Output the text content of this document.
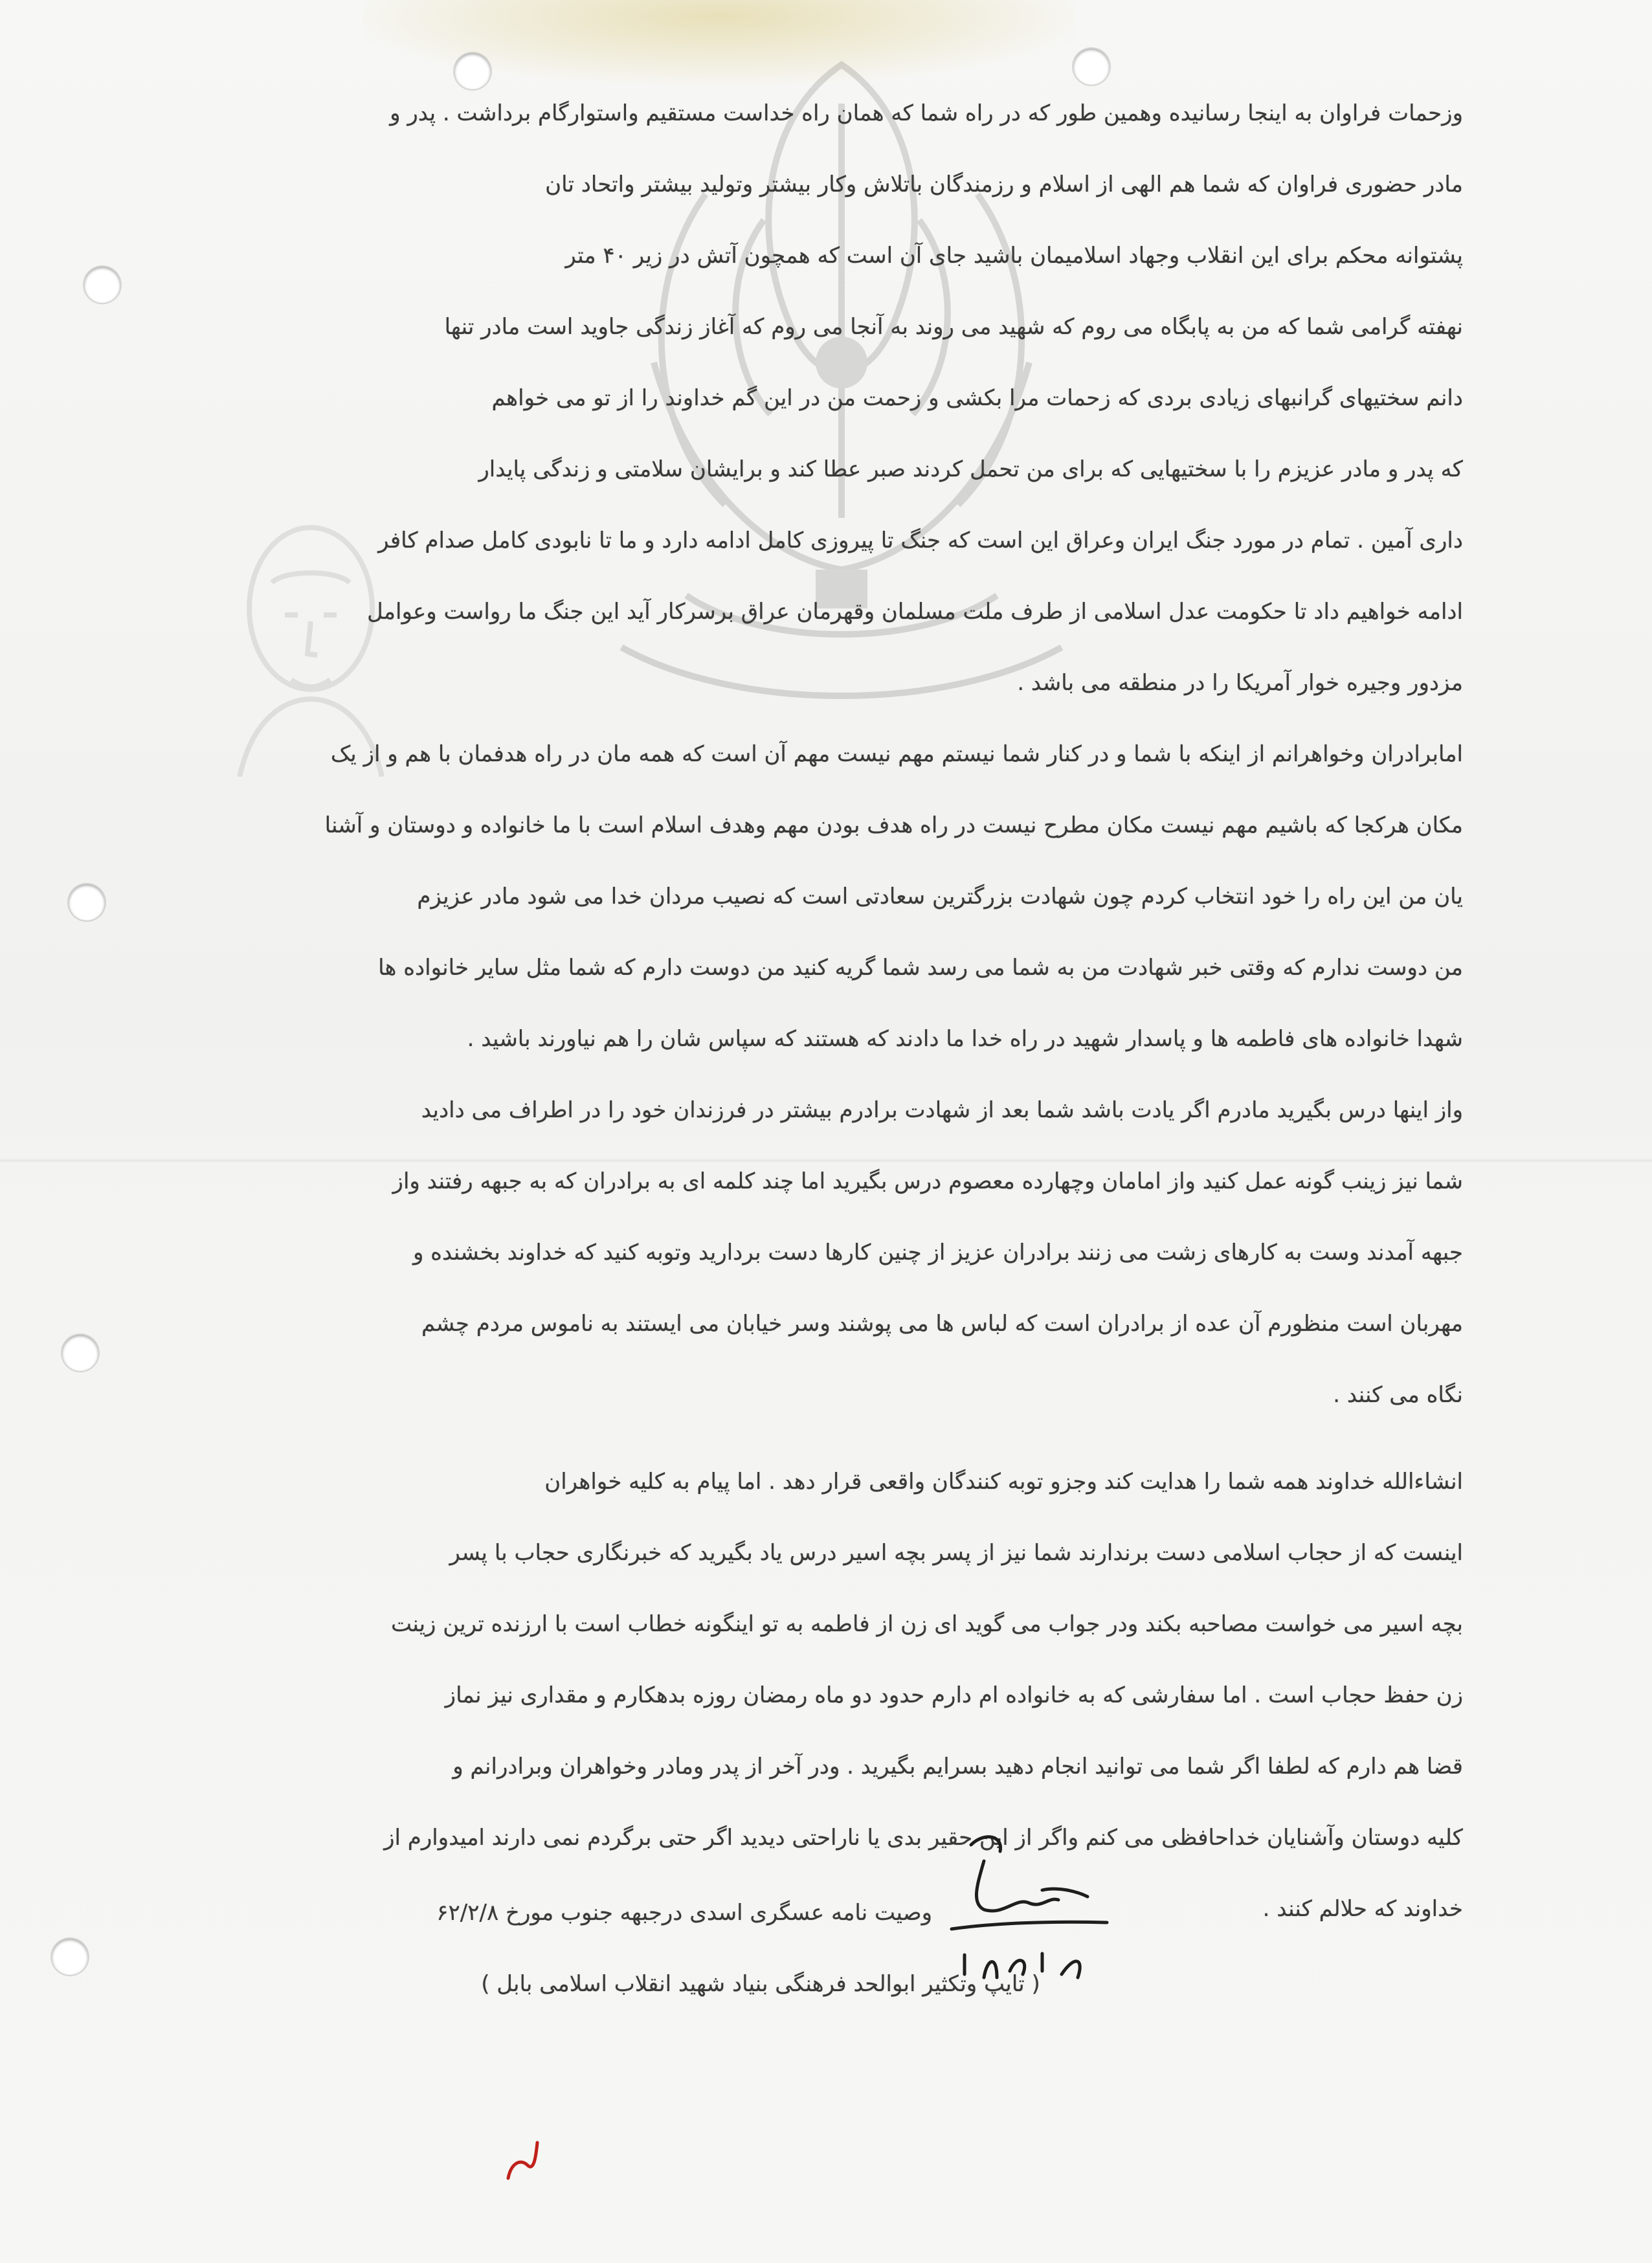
وزحمات فراوان به اینجا رسانیده وهمین طور که در راه شما که همان راه خداست مستقیم واستوارگام برداشت . پدر و

مادر حضوری فراوان که شما هم الهی از اسلام و رزمندگان باتلاش وکار بیشتر وتولید بیشتر واتحاد تان

پشتوانه محکم برای این انقلاب وجهاد اسلامیمان باشید جای آن است که همچون آتش در زیر ۴۰ متر

نهفته گرامی شما که من به پابگاه می روم که شهید می روند به آنجا می روم که آغاز زندگی جاوید است مادر تنها

دانم سختیهای گرانبهای زیادی بردی که زحمات مرا بکشی و زحمت من در این گم خداوند را از تو می خواهم

که پدر و مادر عزیزم را با سختیهایی که برای من تحمل کردند صبر عطا کند و برایشان سلامتی و زندگی پایدار

داری آمین . تمام در مورد جنگ ایران وعراق این است که جنگ تا پیروزی کامل ادامه دارد و ما تا نابودی کامل صدام کافر

ادامه خواهیم داد تا حکومت عدل اسلامی از طرف ملت مسلمان وقهرمان عراق برسرکار آید این جنگ ما رواست وعوامل

مزدور وجیره خوار آمریکا را در منطقه می باشد .

امابرادران وخواهرانم از اینکه با شما و در کنار شما نیستم مهم نیست مهم آن است که همه مان در راه هدفمان با هم و از یک

مکان هرکجا که باشیم مهم نیست مکان مطرح نیست در راه هدف بودن مهم وهدف اسلام است با ما خانواده و دوستان و آشنا

یان من این راه را خود انتخاب کردم چون شهادت بزرگترین سعادتی است که نصیب مردان خدا می شود مادر عزیزم

من دوست ندارم که وقتی خبر شهادت من به شما می رسد شما گریه کنید من دوست دارم که شما مثل سایر خانواده ها

شهدا خانواده های فاطمه ها و پاسدار شهید در راه خدا ما دادند که هستند که سپاس شان را هم نیاورند باشید .

واز اینها درس بگیرید مادرم اگر یادت باشد شما بعد از شهادت برادرم بیشتر در فرزندان خود را در اطراف می دادید

شما نیز زینب گونه عمل کنید واز امامان وچهارده معصوم درس بگیرید اما چند کلمه ای به برادران که به جبهه رفتند واز

جبهه آمدند وست به کارهای زشت می زنند برادران عزیز از چنین کارها دست بردارید وتوبه کنید که خداوند بخشنده و

مهربان است منظورم آن عده از برادران است که لباس ها می پوشند وسر خیابان می ایستند به ناموس مردم چشم

نگاه می کنند .

انشاءالله خداوند همه شما را هدایت کند وجزو توبه کنندگان واقعی قرار دهد . اما پیام به کلیه خواهران

اینست که از حجاب اسلامی دست برندارند شما نیز از پسر بچه اسیر درس یاد بگیرید که خبرنگاری حجاب با پسر

بچه اسیر می خواست مصاحبه بکند ودر جواب می گوید ای زن از فاطمه به تو اینگونه خطاب است با ارزنده ترین زینت

زن حفظ حجاب است . اما سفارشی که به خانواده ام دارم حدود دو ماه رمضان روزه بدهکارم و مقداری نیز نماز

قضا هم دارم که لطفا اگر شما می توانید انجام دهید بسرایم بگیرید . ودر آخر از پدر ومادر وخواهران وبرادرانم و

کلیه دوستان وآشنایان خداحافظی می کنم واگر از این حقیر بدی یا ناراحتی دیدید اگر حتی برگردم نمی دارند امیدوارم از

خداوند که حلالم کنند .

وصیت نامه عسگری اسدی درجبهه جنوب مورخ ۶۲/۲/۸
( تایپ وتکثیر ابوالحد فرهنگی بنیاد شهید انقلاب اسلامی بابل )
